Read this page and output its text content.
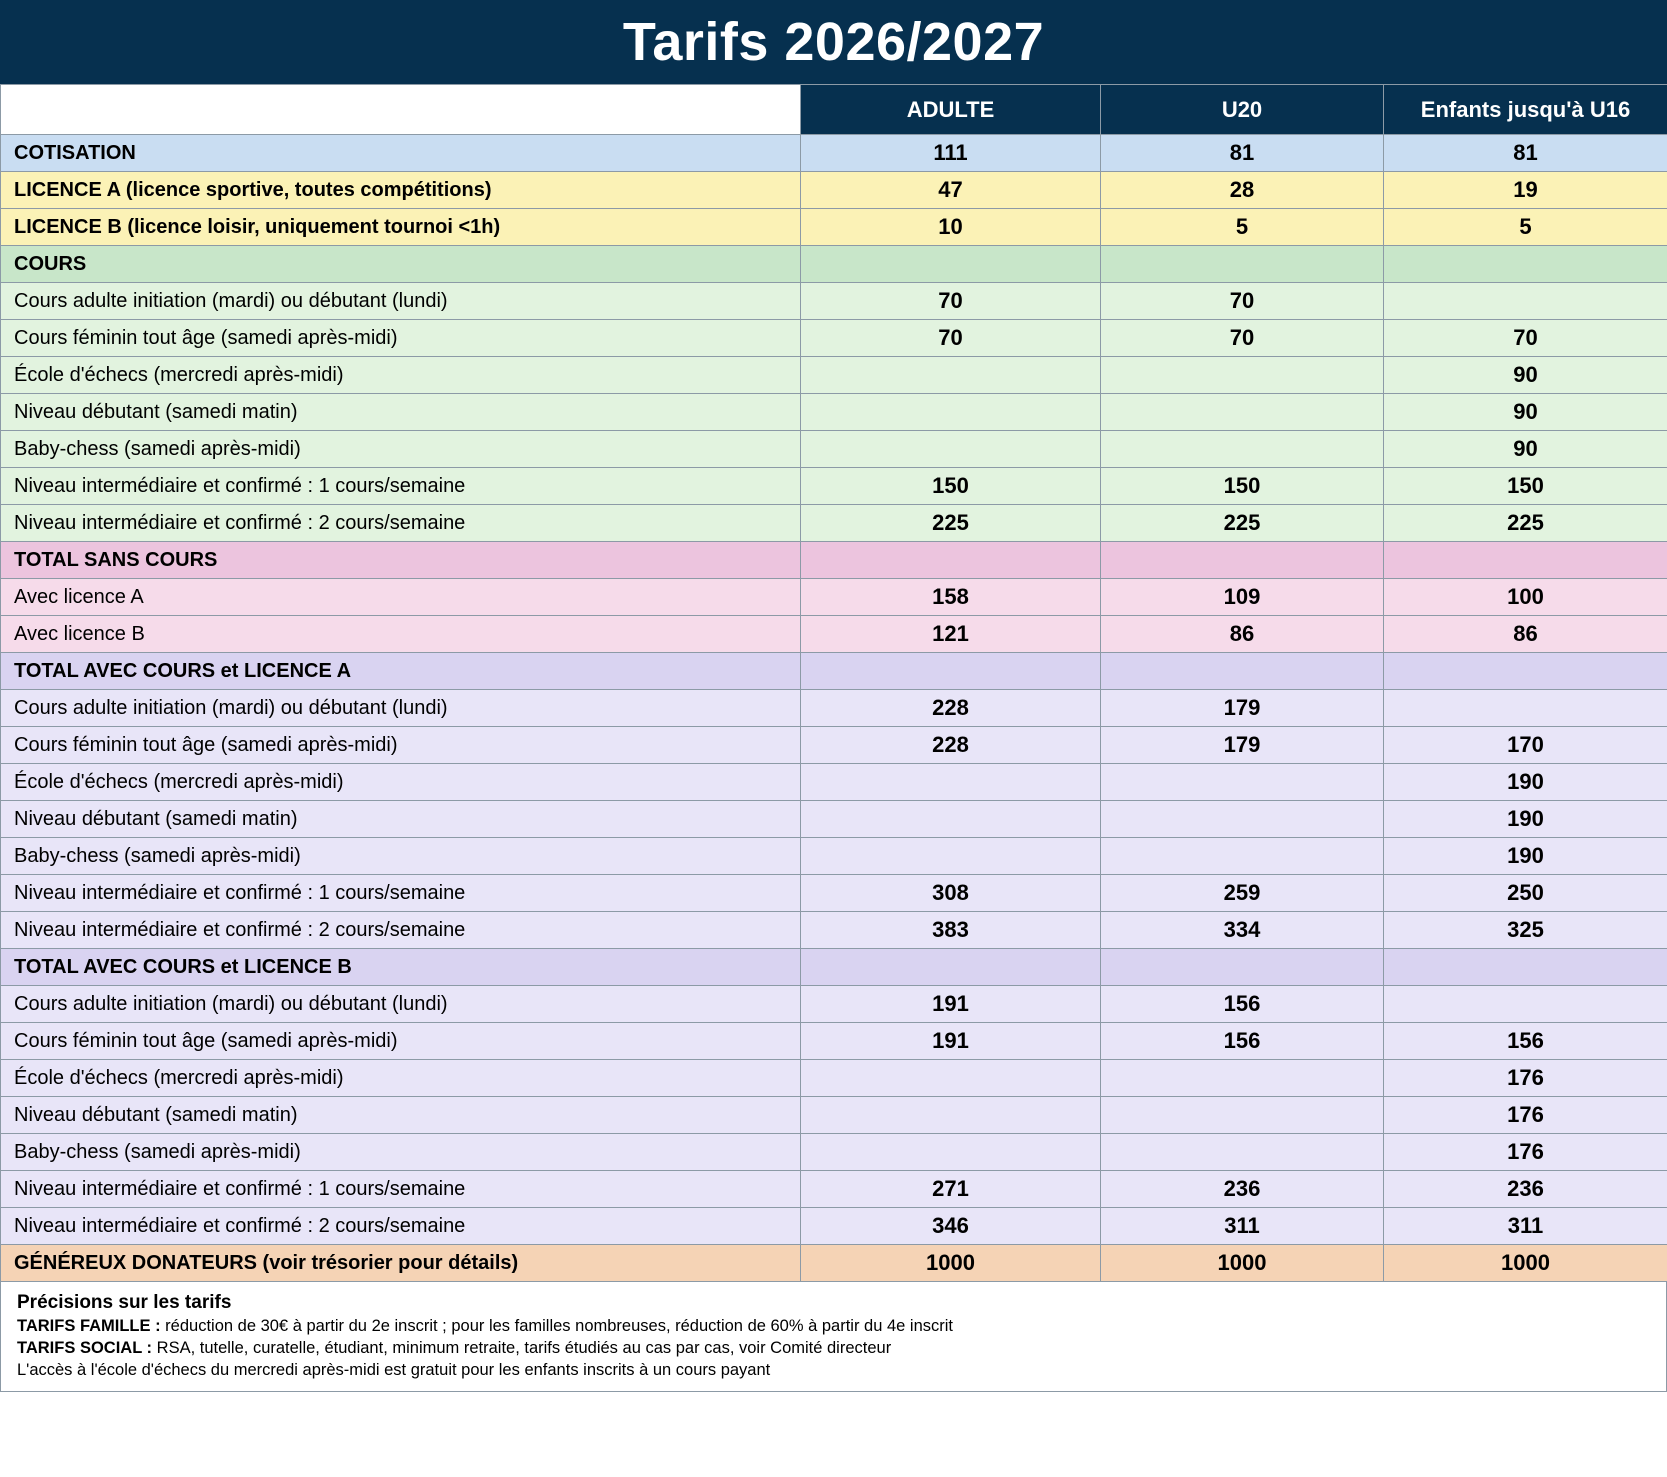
Tarifs 2026/2027
	ADULTE	U20	Enfants jusqu'à U16
COTISATION	111	81	81
LICENCE A (licence sportive, toutes compétitions)	47	28	19
LICENCE B (licence loisir, uniquement tournoi <1h)	10	5	5
COURS			
Cours adulte initiation (mardi) ou débutant (lundi)	70	70	
Cours féminin tout âge (samedi après-midi)	70	70	70
École d'échecs (mercredi après-midi)			90
Niveau débutant (samedi matin)			90
Baby-chess (samedi après-midi)			90
Niveau intermédiaire et confirmé : 1 cours/semaine	150	150	150
Niveau intermédiaire et confirmé : 2 cours/semaine	225	225	225
TOTAL SANS COURS			
Avec licence A	158	109	100
Avec licence B	121	86	86
TOTAL AVEC COURS et LICENCE A			
Cours adulte initiation (mardi) ou débutant (lundi)	228	179	
Cours féminin tout âge (samedi après-midi)	228	179	170
École d'échecs (mercredi après-midi)			190
Niveau débutant (samedi matin)			190
Baby-chess (samedi après-midi)			190
Niveau intermédiaire et confirmé : 1 cours/semaine	308	259	250
Niveau intermédiaire et confirmé : 2 cours/semaine	383	334	325
TOTAL AVEC COURS et LICENCE B			
Cours adulte initiation (mardi) ou débutant (lundi)	191	156	
Cours féminin tout âge (samedi après-midi)	191	156	156
École d'échecs (mercredi après-midi)			176
Niveau débutant (samedi matin)			176
Baby-chess (samedi après-midi)			176
Niveau intermédiaire et confirmé : 1 cours/semaine	271	236	236
Niveau intermédiaire et confirmé : 2 cours/semaine	346	311	311
GÉNÉREUX DONATEURS (voir trésorier pour détails)	1000	1000	1000
Précisions sur les tarifs
TARIFS FAMILLE : réduction de 30€ à partir du 2e inscrit ; pour les familles nombreuses, réduction de 60% à partir du 4e inscrit
TARIFS SOCIAL : RSA, tutelle, curatelle, étudiant, minimum retraite, tarifs étudiés au cas par cas, voir Comité directeur
L'accès à l'école d'échecs du mercredi après-midi est gratuit pour les enfants inscrits à un cours payant
